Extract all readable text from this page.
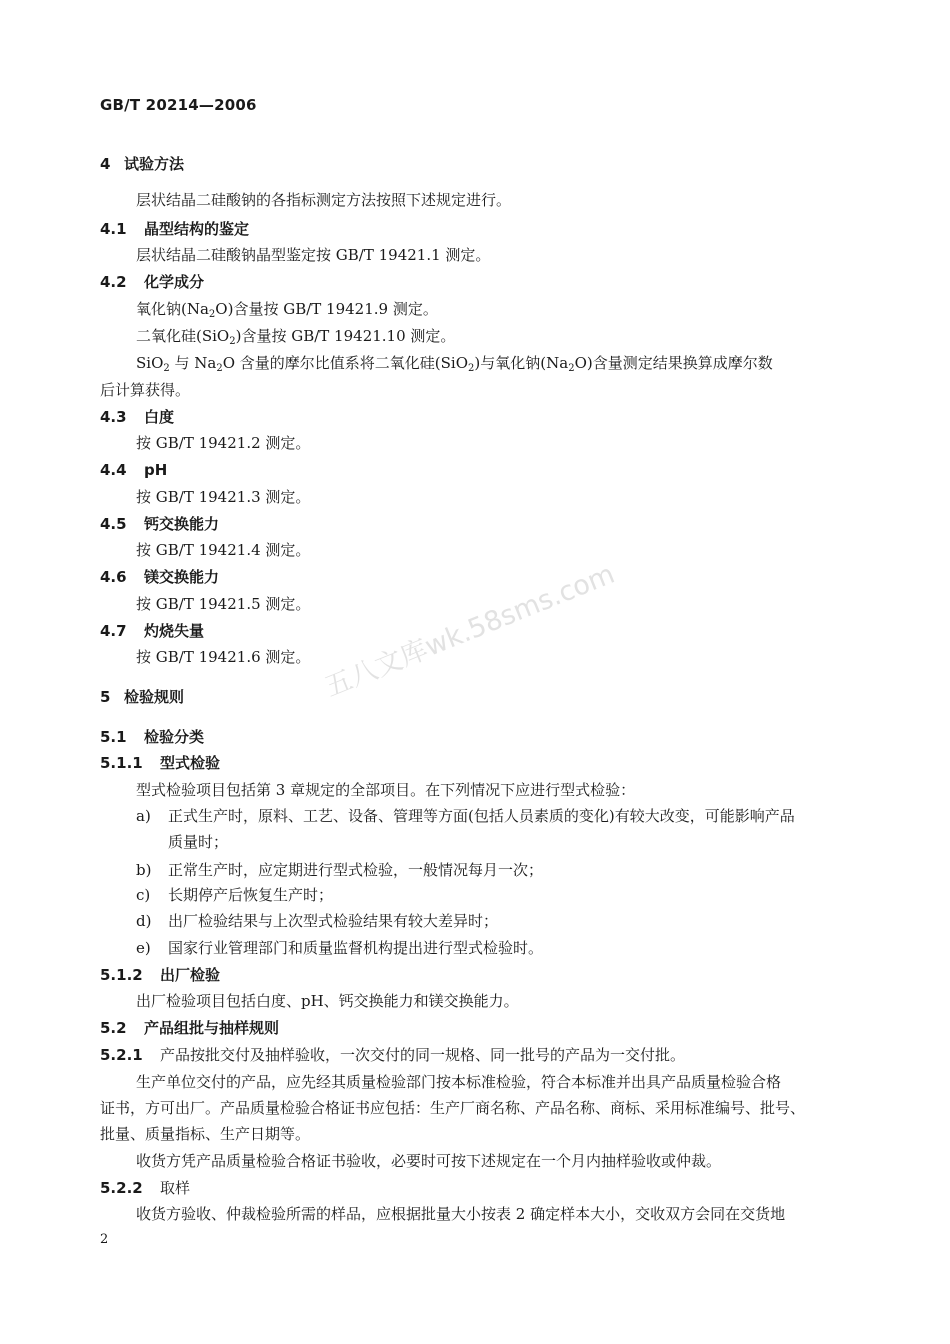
GB/T 20214—2006
五八文库wk.58sms.com
4 试验方法
层状结晶二硅酸钠的各指标测定方法按照下述规定进行。
4.1 晶型结构的鉴定
层状结晶二硅酸钠晶型鉴定按 GB/T 19421.1 测定。
4.2 化学成分
氧化钠$(Na_2O)$含量按 GB/T 19421.9 测定。
二氧化硅(SiO$_2$)含量按 GB/T 19421.10 测定。
SiO$_2$ 与 $Na_2O$ 含量的摩尔比值系将二氧化硅(SiO$_2$)与氧化钠$(Na_2O)$含量测定结果换算成摩尔数
后计算获得。
4.3 白度
按 GB/T 19421.2 测定。
4.4 pH
按 GB/T 19421.3 测定。
4.5 钙交换能力
按 GB/T 19421.4 测定。
4.6 镁交换能力
按 GB/T 19421.5 测定。
4.7 灼烧失量
按 GB/T 19421.6 测定。
5 检验规则
5.1 检验分类
5.1.1 型式检验
型式检验项目包括第 3 章规定的全部项目。在下列情况下应进行型式检验：
a) 正式生产时，原料、工艺、设备、管理等方面(包括人员素质的变化)有较大改变，可能影响产品
质量时；
b) 正常生产时，应定期进行型式检验，一般情况每月一次；
c) 长期停产后恢复生产时；
d) 出厂检验结果与上次型式检验结果有较大差异时；
e) 国家行业管理部门和质量监督机构提出进行型式检验时。
5.1.2 出厂检验
出厂检验项目包括白度、pH、钙交换能力和镁交换能力。
5.2 产品组批与抽样规则
5.2.1 产品按批交付及抽样验收，一次交付的同一规格、同一批号的产品为一交付批。
生产单位交付的产品，应先经其质量检验部门按本标准检验，符合本标准并出具产品质量检验合格
证书，方可出厂。产品质量检验合格证书应包括：生产厂商名称、产品名称、商标、采用标准编号、批号、
批量、质量指标、生产日期等。
收货方凭产品质量检验合格证书验收，必要时可按下述规定在一个月内抽样验收或仲裁。
5.2.2 取样
收货方验收、仲裁检验所需的样品，应根据批量大小按表 2 确定样本大小，交收双方会同在交货地
2
